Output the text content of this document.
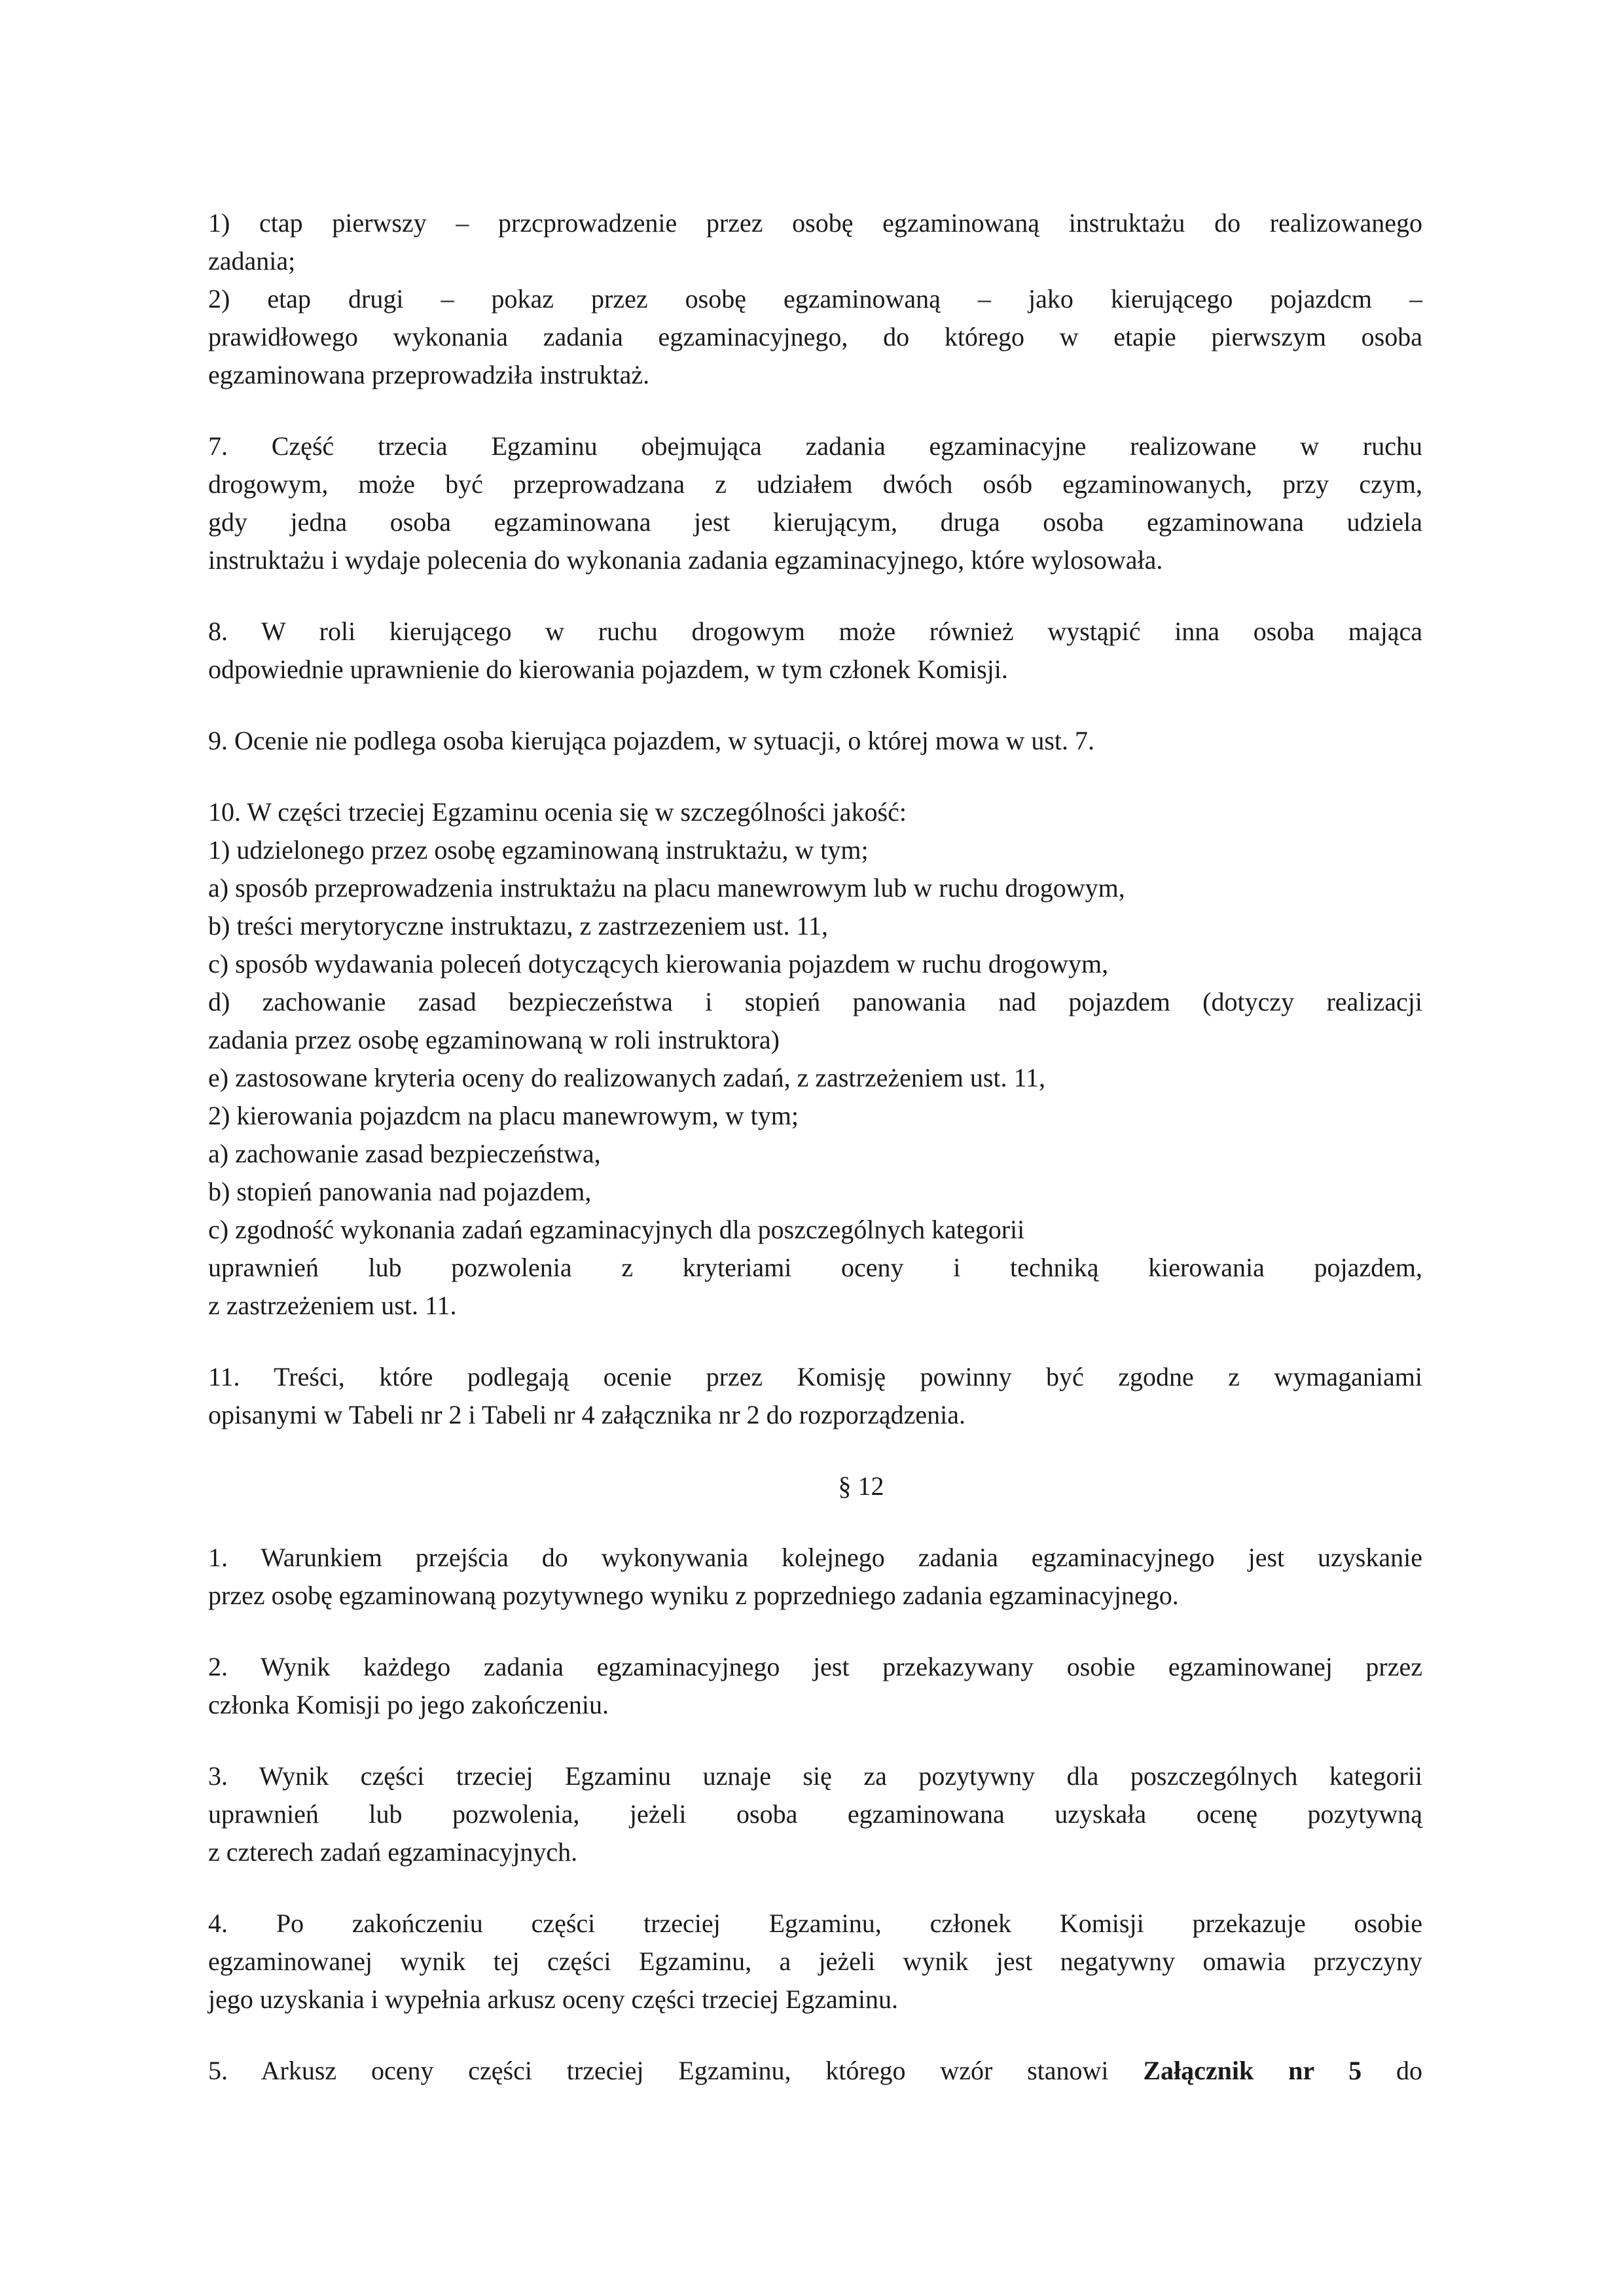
1) ctap pierwszy – przcprowadzenie przez osobę egzaminowaną instruktażu do realizowanego
zadania;
2) etap drugi – pokaz przez osobę egzaminowaną – jako kierującego pojazdcm –
prawidłowego wykonania zadania egzaminacyjnego, do którego w etapie pierwszym osoba
egzaminowana przeprowadziła instruktaż.
7. Część trzecia Egzaminu obejmująca zadania egzaminacyjne realizowane w ruchu
drogowym, może być przeprowadzana z udziałem dwóch osób egzaminowanych, przy czym,
gdy jedna osoba egzaminowana jest kierującym, druga osoba egzaminowana udziela
instruktażu i wydaje polecenia do wykonania zadania egzaminacyjnego, które wylosowała.
8. W roli kierującego w ruchu drogowym może również wystąpić inna osoba mająca
odpowiednie uprawnienie do kierowania pojazdem, w tym członek Komisji.
9. Ocenie nie podlega osoba kierująca pojazdem, w sytuacji, o której mowa w ust. 7.
10. W części trzeciej Egzaminu ocenia się w szczególności jakość:
1) udzielonego przez osobę egzaminowaną instruktażu, w tym;
a) sposób przeprowadzenia instruktażu na placu manewrowym lub w ruchu drogowym,
b) treści merytoryczne instruktazu, z zastrzezeniem ust. 11,
c) sposób wydawania poleceń dotyczących kierowania pojazdem w ruchu drogowym,
d) zachowanie zasad bezpieczeństwa i stopień panowania nad pojazdem (dotyczy realizacji
zadania przez osobę egzaminowaną w roli instruktora)
e) zastosowane kryteria oceny do realizowanych zadań, z zastrzeżeniem ust. 11,
2) kierowania pojazdcm na placu manewrowym, w tym;
a) zachowanie zasad bezpieczeństwa,
b) stopień panowania nad pojazdem,
c) zgodność wykonania zadań egzaminacyjnych dla poszczególnych kategorii
uprawnień lub pozwolenia z kryteriami oceny i techniką kierowania pojazdem,
z zastrzeżeniem ust. 11.
11. Treści, które podlegają ocenie przez Komisję powinny być zgodne z wymaganiami
opisanymi w Tabeli nr 2 i Tabeli nr 4 załącznika nr 2 do rozporządzenia.
§ 12
1. Warunkiem przejścia do wykonywania kolejnego zadania egzaminacyjnego jest uzyskanie
przez osobę egzaminowaną pozytywnego wyniku z poprzedniego zadania egzaminacyjnego.
2. Wynik każdego zadania egzaminacyjnego jest przekazywany osobie egzaminowanej przez
członka Komisji po jego zakończeniu.
3. Wynik części trzeciej Egzaminu uznaje się za pozytywny dla poszczególnych kategorii
uprawnień lub pozwolenia, jeżeli osoba egzaminowana uzyskała ocenę pozytywną
z czterech zadań egzaminacyjnych.
4. Po zakończeniu części trzeciej Egzaminu, członek Komisji przekazuje osobie
egzaminowanej wynik tej części Egzaminu, a jeżeli wynik jest negatywny omawia przyczyny
jego uzyskania i wypełnia arkusz oceny części trzeciej Egzaminu.
5. Arkusz oceny części trzeciej Egzaminu, którego wzór stanowi Załącznik nr 5 do
